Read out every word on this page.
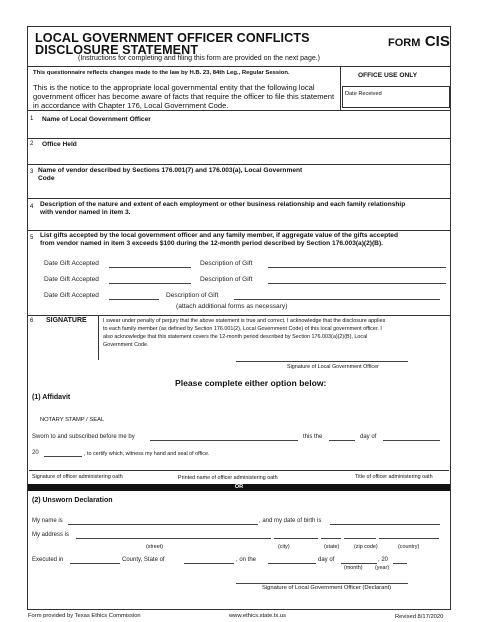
LOCAL GOVERNMENT OFFICER CONFLICTS
DISCLOSURE STATEMENT	FORM CIS
(Instructions for completing and filing this form are provided on the next page.)
This questionnaire reflects changes made to the law by H.B. 23, 84th Leg., Regular Session.
This is the notice to the appropriate local governmental entity that the following local government officer has become aware of facts that require the officer to file this statement in accordance with Chapter 176, Local Government Code.
OFFICE USE ONLY
Date Received
1 Name of Local Government Officer
2 Office Held
3 Name of vendor described by Sections 176.001(7) and 176.003(a), Local Government
Code
4 Description of the nature and extent of each employment or other business relationship and each family relationship
with vendor named in item 3.
5 List gifts accepted by the local government officer and any family member, if aggregate value of the gifts accepted
from vendor named in item 3 exceeds $100 during the 12-month period described by Section 176.003(a)(2)(B).
Date Gift Accepted	Description of Gift
Date Gift Accepted	Description of Gift
Date Gift Accepted	Description of Gift
(attach additional forms as necessary)
6 SIGNATURE	I swear under penalty of perjury that the above statement is true and correct. I acknowledge that the disclosure applies
to each family member (as defined by Section 176.001(2), Local Government Code) of this local government officer. I
also acknowledge that this statement covers the 12-month period described by Section 176.003(a)(2)(B), Local
Government Code.
Signature of Local Government Officer
Please complete either option below:
(1) Affidavit
NOTARY STAMP / SEAL
Sworn to and subscribed before me by	this the	day of
20	, to certify which, witness my hand and seal of office.
Signature of officer administering oath	Printed name of officer administering oath	Title of officer administering oath
OR
(2) Unsworn Declaration
My name is	, and my date of birth is
My address is
(street)	(city)	(state)	(zip code)	(country)
Executed in	County, State of	, on the	day of	, 20
(month) (year)
Signature of Local Government Officer (Declarant)
Form provided by Texas Ethics Commission	www.ethics.state.tx.us	Revised 8/17/2020
